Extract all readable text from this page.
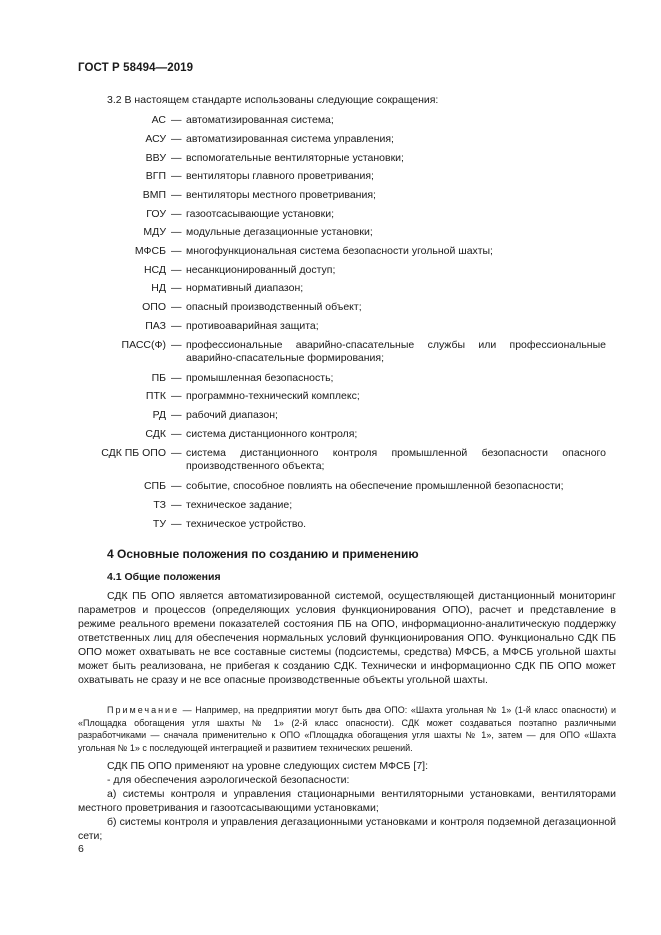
ГОСТ Р 58494—2019
3.2 В настоящем стандарте использованы следующие сокращения:
АС — автоматизированная система;
АСУ — автоматизированная система управления;
ВВУ — вспомогательные вентиляторные установки;
ВГП — вентиляторы главного проветривания;
ВМП — вентиляторы местного проветривания;
ГОУ — газоотсасывающие установки;
МДУ — модульные дегазационные установки;
МФСБ — многофункциональная система безопасности угольной шахты;
НСД — несанкционированный доступ;
НД — нормативный диапазон;
ОПО — опасный производственный объект;
ПАЗ — противоаварийная защита;
ПАСС(Ф) — профессиональные аварийно-спасательные службы или профессиональные аварийно-спасательные формирования;
ПБ — промышленная безопасность;
ПТК — программно-технический комплекс;
РД — рабочий диапазон;
СДК — система дистанционного контроля;
СДК ПБ ОПО — система дистанционного контроля промышленной безопасности опасного производственного объекта;
СПБ — событие, способное повлиять на обеспечение промышленной безопасности;
ТЗ — техническое задание;
ТУ — техническое устройство.
4 Основные положения по созданию и применению
4.1 Общие положения
СДК ПБ ОПО является автоматизированной системой, осуществляющей дистанционный мониторинг параметров и процессов (определяющих условия функционирования ОПО), расчет и представление в режиме реального времени показателей состояния ПБ на ОПО, информационно-аналитическую поддержку ответственных лиц для обеспечения нормальных условий функционирования ОПО. Функционально СДК ПБ ОПО может охватывать не все составные системы (подсистемы, средства) МФСБ, а МФСБ угольной шахты может быть реализована, не прибегая к созданию СДК. Технически и информационно СДК ПБ ОПО может охватывать не сразу и не все опасные производственные объекты угольной шахты.
Примечание — Например, на предприятии могут быть два ОПО: «Шахта угольная № 1» (1-й класс опасности) и «Площадка обогащения угля шахты № 1» (2-й класс опасности). СДК может создаваться поэтапно различными разработчиками — сначала применительно к ОПО «Площадка обогащения угля шахты № 1», затем — для ОПО «Шахта угольная № 1» с последующей интеграцией и развитием технических решений.
СДК ПБ ОПО применяют на уровне следующих систем МФСБ [7]:
- для обеспечения аэрологической безопасности:
а) системы контроля и управления стационарными вентиляторными установками, вентиляторами местного проветривания и газоотсасывающими установками;
б) системы контроля и управления дегазационными установками и контроля подземной дегазационной сети;
6
